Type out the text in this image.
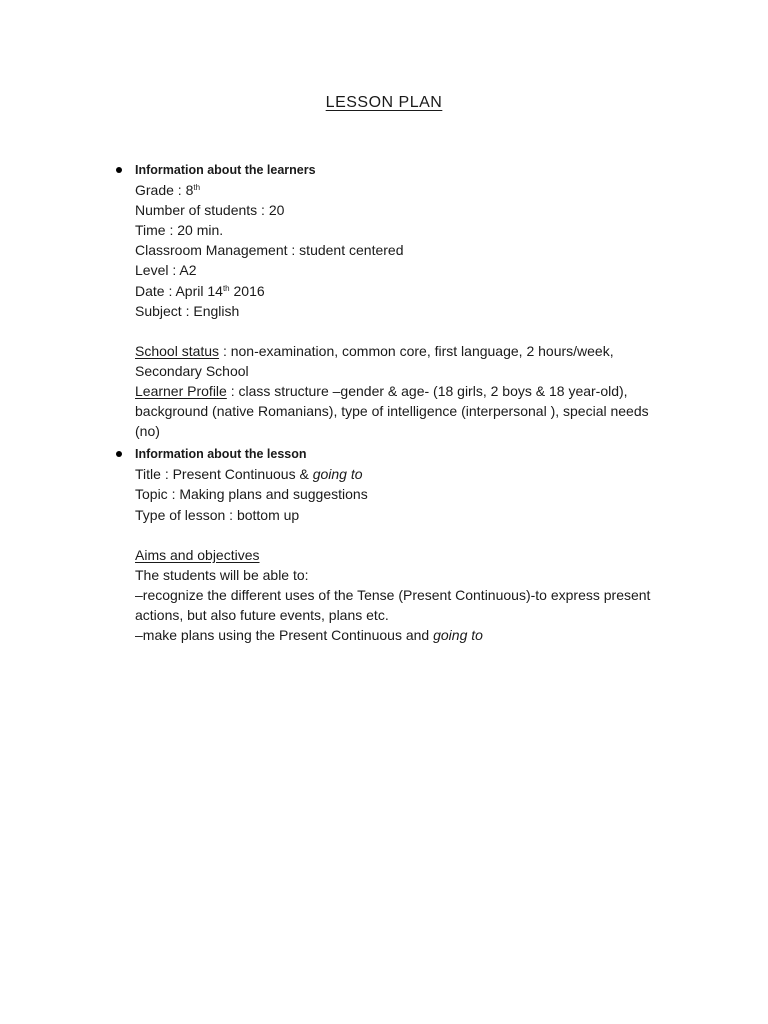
LESSON PLAN
Information about the learners
Grade : 8th
Number of students : 20
Time : 20 min.
Classroom Management : student centered
Level : A2
Date : April 14th 2016
Subject : English
School status : non-examination, common core, first language, 2 hours/week, Secondary School
Learner Profile : class structure –gender & age- (18 girls, 2 boys & 18 year-old), background (native Romanians), type of intelligence (interpersonal ), special needs (no)
Information about the lesson
Title : Present Continuous & going to
Topic : Making plans and suggestions
Type of lesson : bottom up
Aims and objectives
The students will be able to:
–recognize the different uses of the Tense (Present Continuous)-to express present actions, but also future events, plans etc.
–make plans using the Present Continuous and going to
